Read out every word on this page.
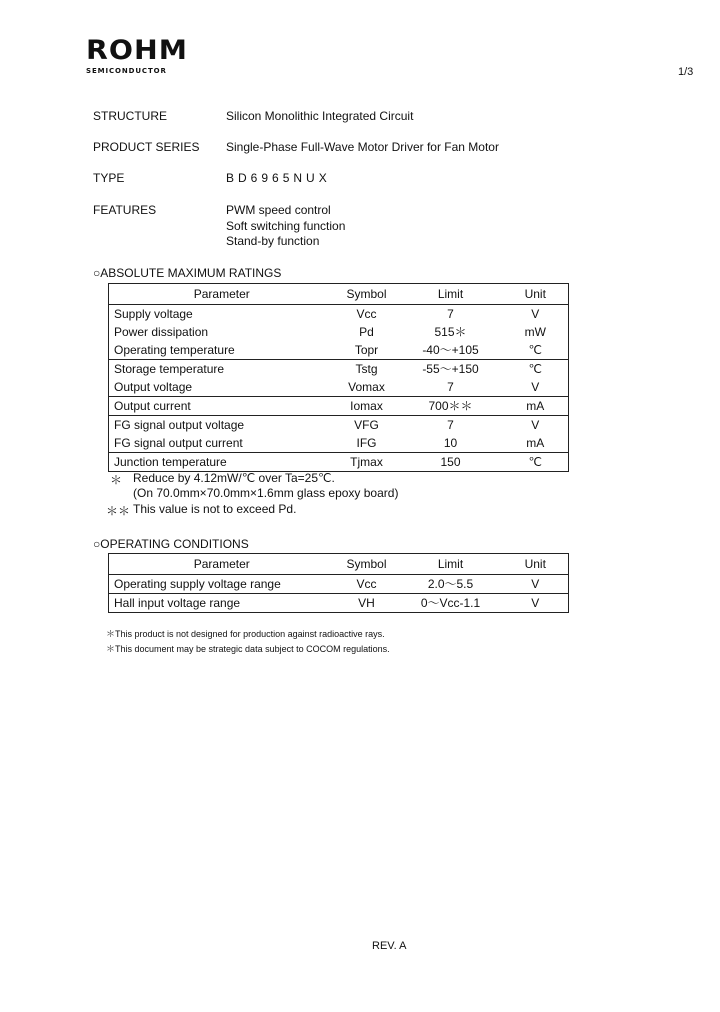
ROHM
SEMICONDUCTOR	1/3
STRUCTURE	Silicon Monolithic Integrated Circuit
PRODUCT SERIES Single-Phase Full-Wave Motor Driver for Fan Motor
TYPE	BD6965NUX
FEATURES	PWM speed control
Soft switching function
Stand-by function
○ABSOLUTE MAXIMUM RATINGS
Parameter	Symbol	Limit	Unit
Supply voltage	Vcc	7	V
Power dissipation	Pd	515＊	mW
Operating temperature	Topr	-40～+105	℃
Storage temperature	Tstg	-55～+150	℃
Output voltage	Vomax	7	V
Output current	Iomax	700＊＊	mA
FG signal output voltage	VFG	7	V
FG signal output current	IFG	10	mA
Junction temperature	Tjmax	150	℃
＊ Reduce by 4.12mW/℃ over Ta=25℃.
(On 70.0mm×70.0mm×1.6mm glass epoxy board)
＊＊ This value is not to exceed Pd.
○OPERATING CONDITIONS
Parameter	Symbol	Limit	Unit
Operating supply voltage range	Vcc	2.0～5.5	V
Hall input voltage range	VH	0～Vcc-1.1	V
＊This product is not designed for production against radioactive rays.
＊This document may be strategic data subject to COCOM regulations.
REV. A
